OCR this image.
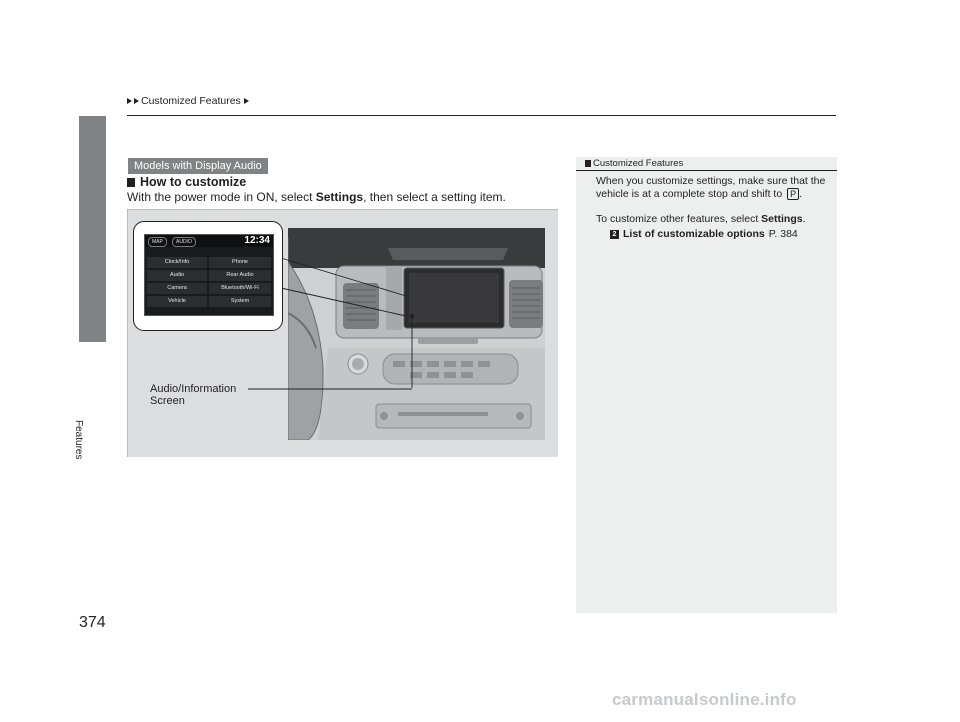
Customized Features
Features
374
Models with Display Audio
How to customize
With the power mode in ON, select Settings, then select a setting item.
MAP	AUDIO	12:34
Clock/Info	Phone
Audio	Rear Audio
Camera	Bluetooth/Wi-Fi
Vehicle	System
Audio/Information
Screen
Customized Features
When you customize settings, make sure that the
vehicle is at a complete stop and shift to P .
To customize other features, select Settings.
2 List of customizable options P. 384
carmanualsonline.info
